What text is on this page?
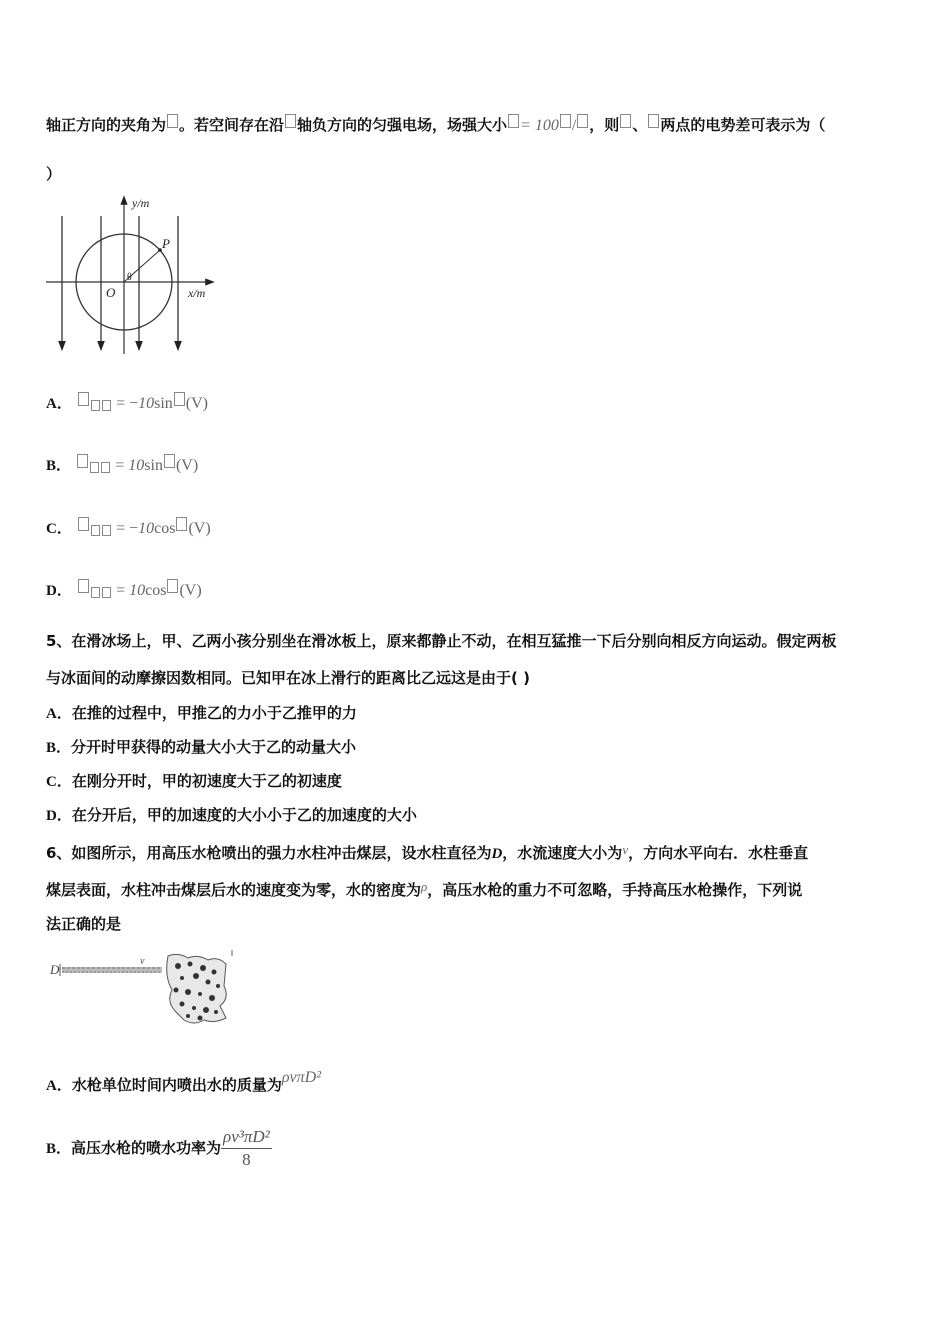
轴正方向的夹角为 。若空间存在沿 轴负方向的匀强电场，场强大小 = 100 / ，则 、 两点的电势差可表示为（
）
y/m
x/m
O
P
θ
A．	= −10sin (V)
B．	= 10sin (V)
C．	= −10cos (V)
D．	= 10cos (V)
5、在滑冰场上，甲、乙两小孩分别坐在滑冰板上，原来都静止不动，在相互猛推一下后分别向相反方向运动。假定两板
与冰面间的动摩擦因数相同。已知甲在冰上滑行的距离比乙远这是由于( )
A．在推的过程中，甲推乙的力小于乙推甲的力
B．分开时甲获得的动量大小大于乙的动量大小
C．在刚分开时，甲的初速度大于乙的初速度
D．在分开后，甲的加速度的大小小于乙的加速度的大小
6、如图所示，用高压水枪喷出的强力水柱冲击煤层，设水柱直径为D，水流速度大小为v，方向水平向右．水柱垂直
煤层表面，水柱冲击煤层后水的速度变为零，水的密度为ρ，高压水枪的重力不可忽略，手持高压水枪操作，下列说
法正确的是
D
v
A．水枪单位时间内喷出水的质量为ρvπD²
B．高压水枪的喷水功率为 $\frac{\text{ρv³πD²}}{8}$
